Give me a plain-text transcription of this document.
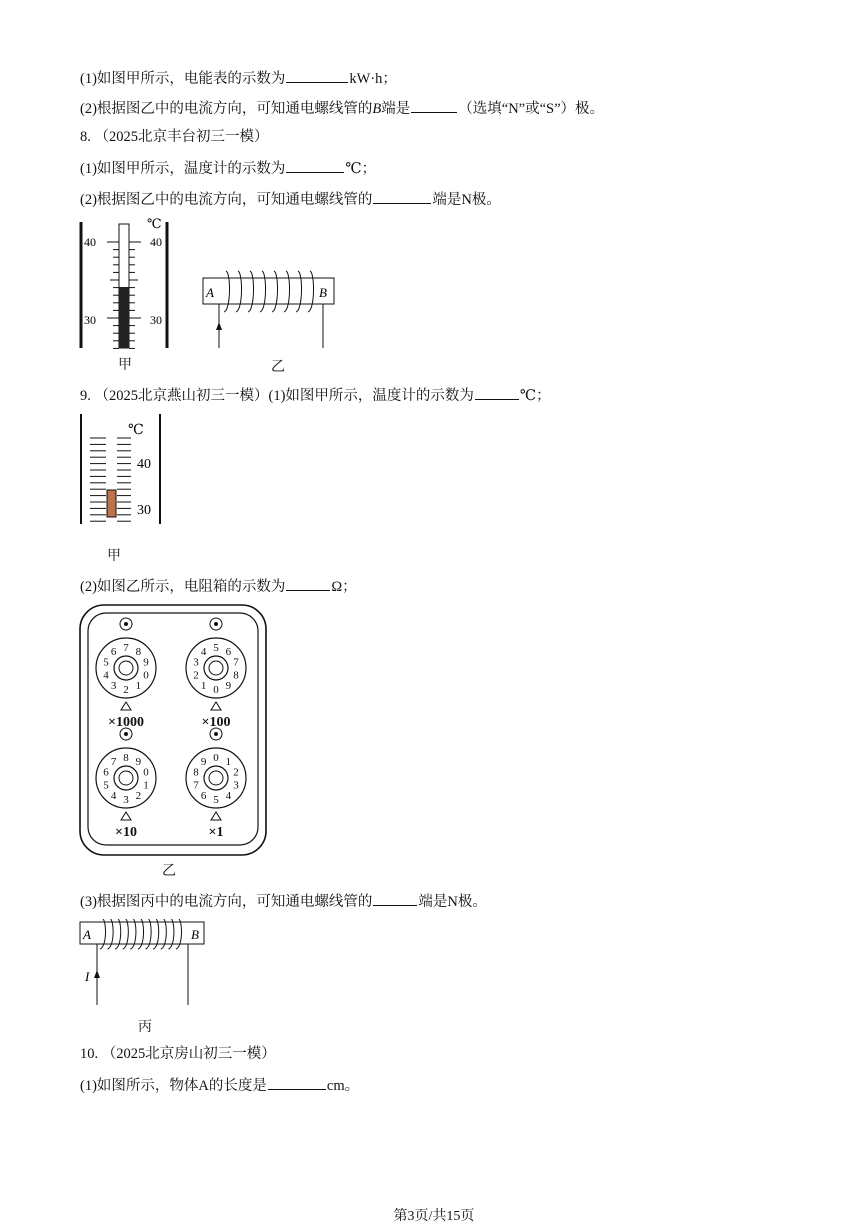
(1)如图甲所示，电能表的示数为	kW·h；
(2)根据图乙中的电流方向，可知通电螺线管的B端是	（选填“N”或“S”）极。
8. （2025北京丰台初三一模）
(1)如图甲所示，温度计的示数为	℃；
(2)根据图乙中的电流方向，可知通电螺线管的	端是N极。
℃
40	40
30	30
甲
A	B
乙
9. （2025北京燕山初三一模）(1)如图甲所示，温度计的示数为	℃；
℃
40
30
甲
(2)如图乙所示，电阻箱的示数为	Ω；
0
1
2
3
4
5
6 7 8
9
×1000
0
1
2
3
4 5 6
7
8
9
×100
0
1
2
3
4
5
6
7 8 9
×10
0 1
2
3
4
5
6
7
8
9
×1
乙
(3)根据图丙中的电流方向，可知通电螺线管的	端是N极。
A	B
I
丙
10. （2025北京房山初三一模）
(1)如图所示，物体A的长度是	cm。
第3页/共15页
